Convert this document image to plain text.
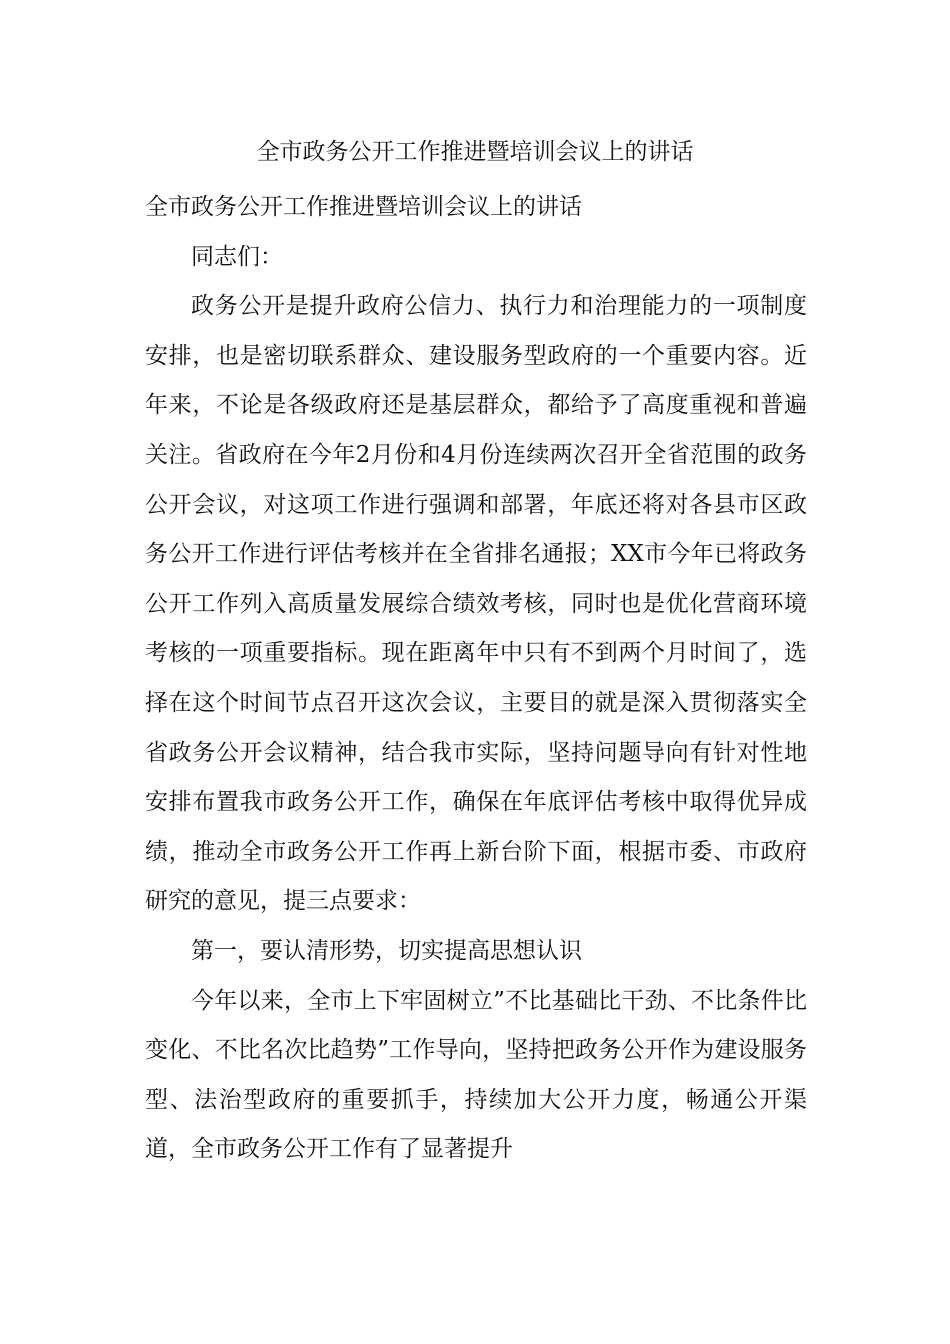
全市政务公开工作推进暨培训会议上的讲话

全市政务公开工作推进暨培训会议上的讲话

同志们：

政务公开是提升政府公信力、执行力和治理能力的一项制度安排，也是密切联系群众、建设服务型政府的一个重要内容。近年来，不论是各级政府还是基层群众，都给予了高度重视和普遍关注。省政府在今年2月份和4月份连续两次召开全省范围的政务公开会议，对这项工作进行强调和部署，年底还将对各县市区政务公开工作进行评估考核并在全省排名通报；XX市今年已将政务公开工作列入高质量发展综合绩效考核，同时也是优化营商环境考核的一项重要指标。现在距离年中只有不到两个月时间了，选择在这个时间节点召开这次会议，主要目的就是深入贯彻落实全省政务公开会议精神，结合我市实际，坚持问题导向有针对性地安排布置我市政务公开工作，确保在年底评估考核中取得优异成绩，推动全市政务公开工作再上新台阶下面，根据市委、市政府研究的意见，提三点要求：

第一，要认清形势，切实提高思想认识

今年以来，全市上下牢固树立”不比基础比干劲、不比条件比变化、不比名次比趋势”工作导向，坚持把政务公开作为建设服务型、法治型政府的重要抓手，持续加大公开力度，畅通公开渠道，全市政务公开工作有了显著提升
